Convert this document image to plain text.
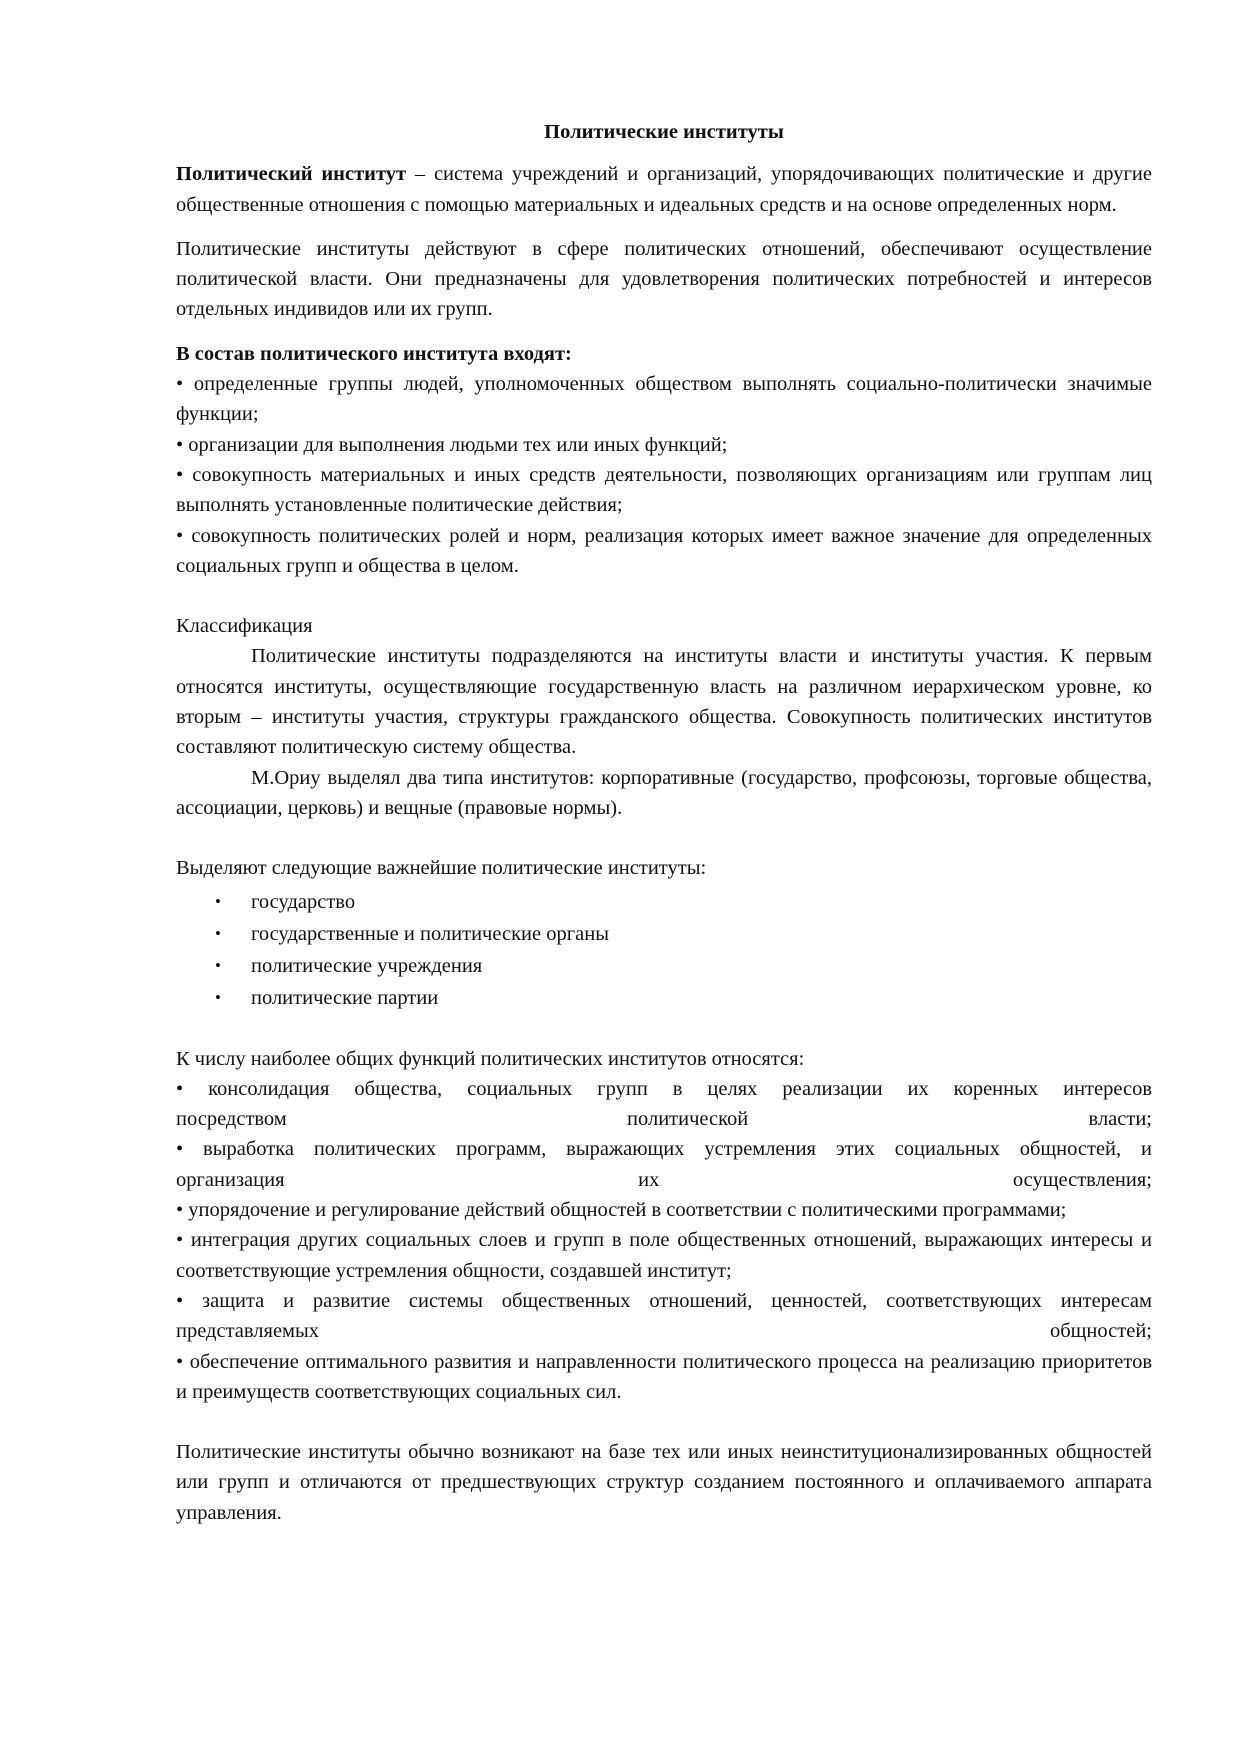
Политические институты

Политический институт – система учреждений и организаций, упорядочивающих политические и другие общественные отношения с помощью материальных и идеальных средств и на основе определенных норм.

Политические институты действуют в сфере политических отношений, обеспечивают осуществление политической власти. Они предназначены для удовлетворения политических потребностей и интересов отдельных индивидов или их групп.

В состав политического института входят:

• определенные группы людей, уполномоченных обществом выполнять социально-политически значимые функции;

• организации для выполнения людьми тех или иных функций;

• совокупность материальных и иных средств деятельности, позволяющих организациям или группам лиц выполнять установленные политические действия;

• совокупность политических ролей и норм, реализация которых имеет важное значение для определенных социальных групп и общества в целом.

Классификация

Политические институты подразделяются на институты власти и институты участия. К первым относятся институты, осуществляющие государственную власть на различном иерархическом уровне, ко вторым – институты участия, структуры гражданского общества. Совокупность политических институтов составляют политическую систему общества.

М.Ориу выделял два типа институтов: корпоративные (государство, профсоюзы, торговые общества, ассоциации, церковь) и вещные (правовые нормы).

Выделяют следующие важнейшие политические институты:

• государство
• государственные и политические органы
• политические учреждения
• политические партии

К числу наиболее общих функций политических институтов относятся:

• консолидация общества, социальных групп в целях реализации их коренных интересов
посредством политической власти;
• выработка политических программ, выражающих устремления этих социальных общностей, и
организация их осуществления;

• упорядочение и регулирование действий общностей в соответствии с политическими программами;

• интеграция других социальных слоев и групп в поле общественных отношений, выражающих интересы и соответствующие устремления общности, создавшей институт;

• защита и развитие системы общественных отношений, ценностей, соответствующих интересам
представляемых общностей;

• обеспечение оптимального развития и направленности политического процесса на реализацию приоритетов и преимуществ соответствующих социальных сил.

Политические институты обычно возникают на базе тех или иных неинституционализированных общностей или групп и отличаются от предшествующих структур созданием постоянного и оплачиваемого аппарата управления.
